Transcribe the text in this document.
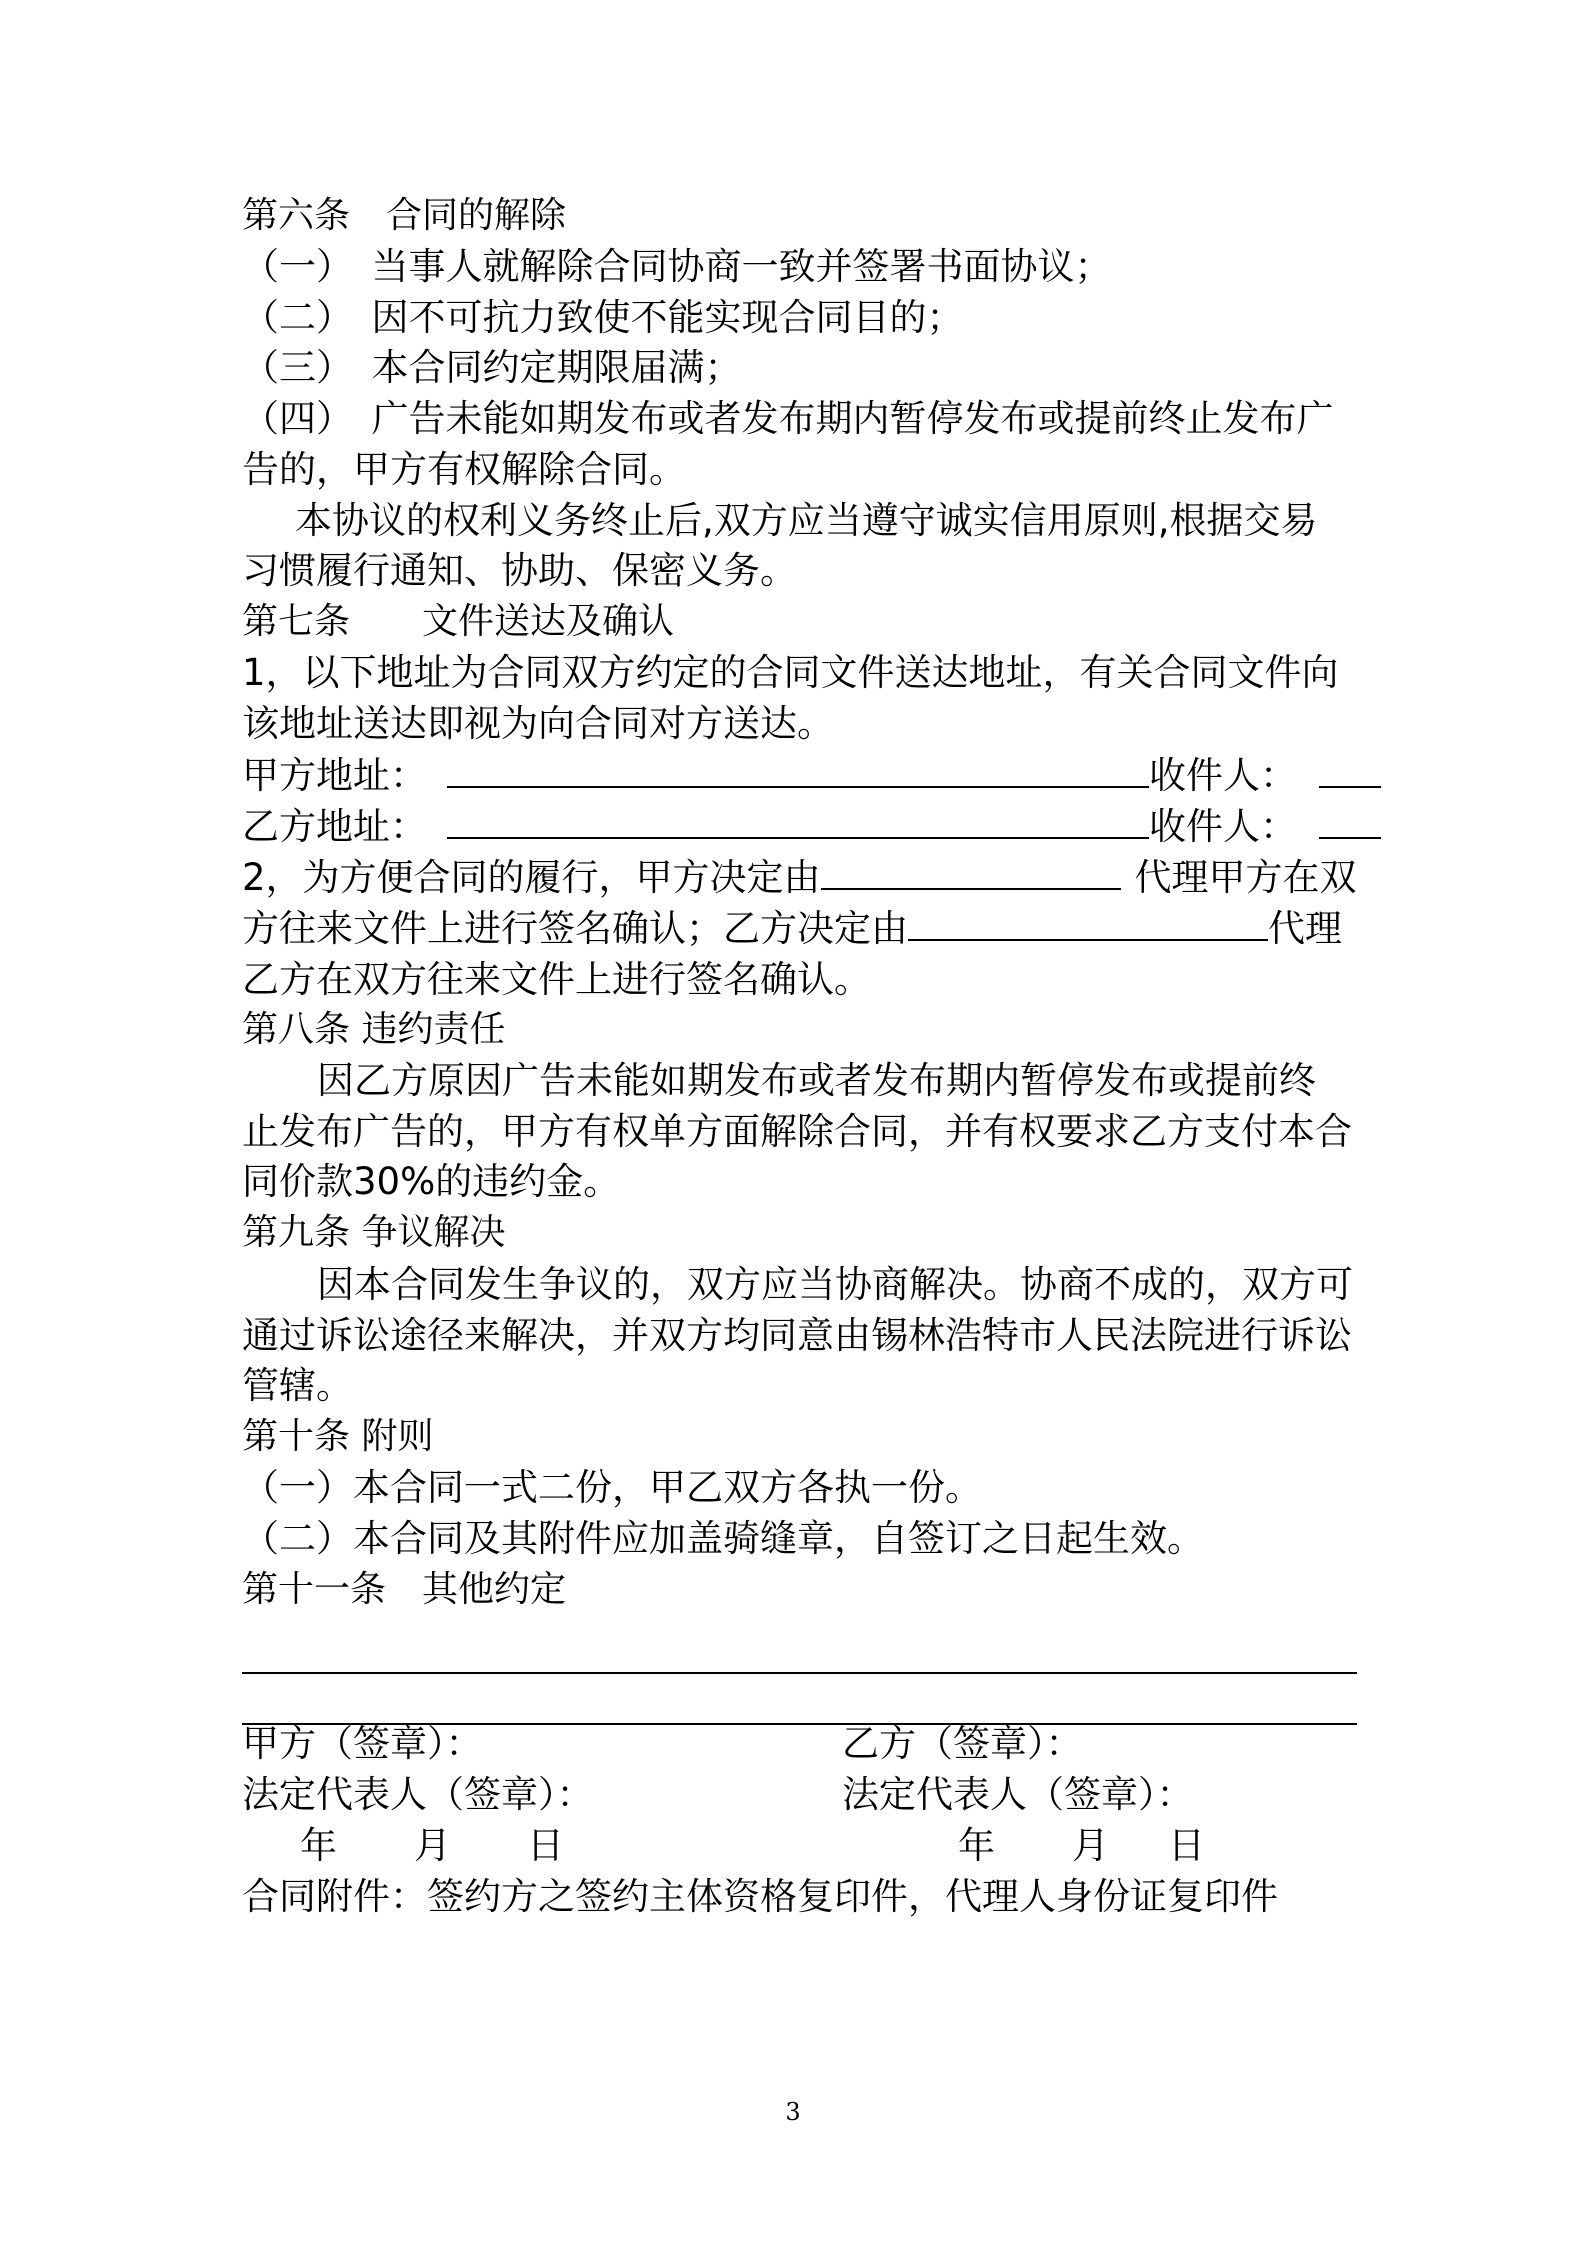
第六条　合同的解除
（一）　当事人就解除合同协商一致并签署书面协议；
（二）　因不可抗力致使不能实现合同目的；
（三）　本合同约定期限届满；
（四）　广告未能如期发布或者发布期内暂停发布或提前终止发布广
告的，甲方有权解除合同。
本协议的权利义务终止后,双方应当遵守诚实信用原则,根据交易
习惯履行通知、协助、保密义务。
第七条　　文件送达及确认
1，以下地址为合同双方约定的合同文件送达地址，有关合同文件向
该地址送达即视为向合同对方送达。
甲方地址：	收件人：
乙方地址：	收件人：
2，为方便合同的履行，甲方决定由	代理甲方在双
方往来文件上进行签名确认；乙方决定由	代理
乙方在双方往来文件上进行签名确认。
第八条 违约责任
因乙方原因广告未能如期发布或者发布期内暂停发布或提前终
止发布广告的，甲方有权单方面解除合同，并有权要求乙方支付本合
同价款30%的违约金。
第九条 争议解决
因本合同发生争议的，双方应当协商解决。协商不成的，双方可
通过诉讼途径来解决，并双方均同意由锡林浩特市人民法院进行诉讼
管辖。
第十条 附则
（一）本合同一式二份，甲乙双方各执一份。
（二）本合同及其附件应加盖骑缝章，自签订之日起生效。
第十一条　其他约定
甲方（签章）：	乙方（签章）：
法定代表人（签章）：	法定代表人（签章）：
年 月 日	年 月 日
合同附件：签约方之签约主体资格复印件，代理人身份证复印件
3
